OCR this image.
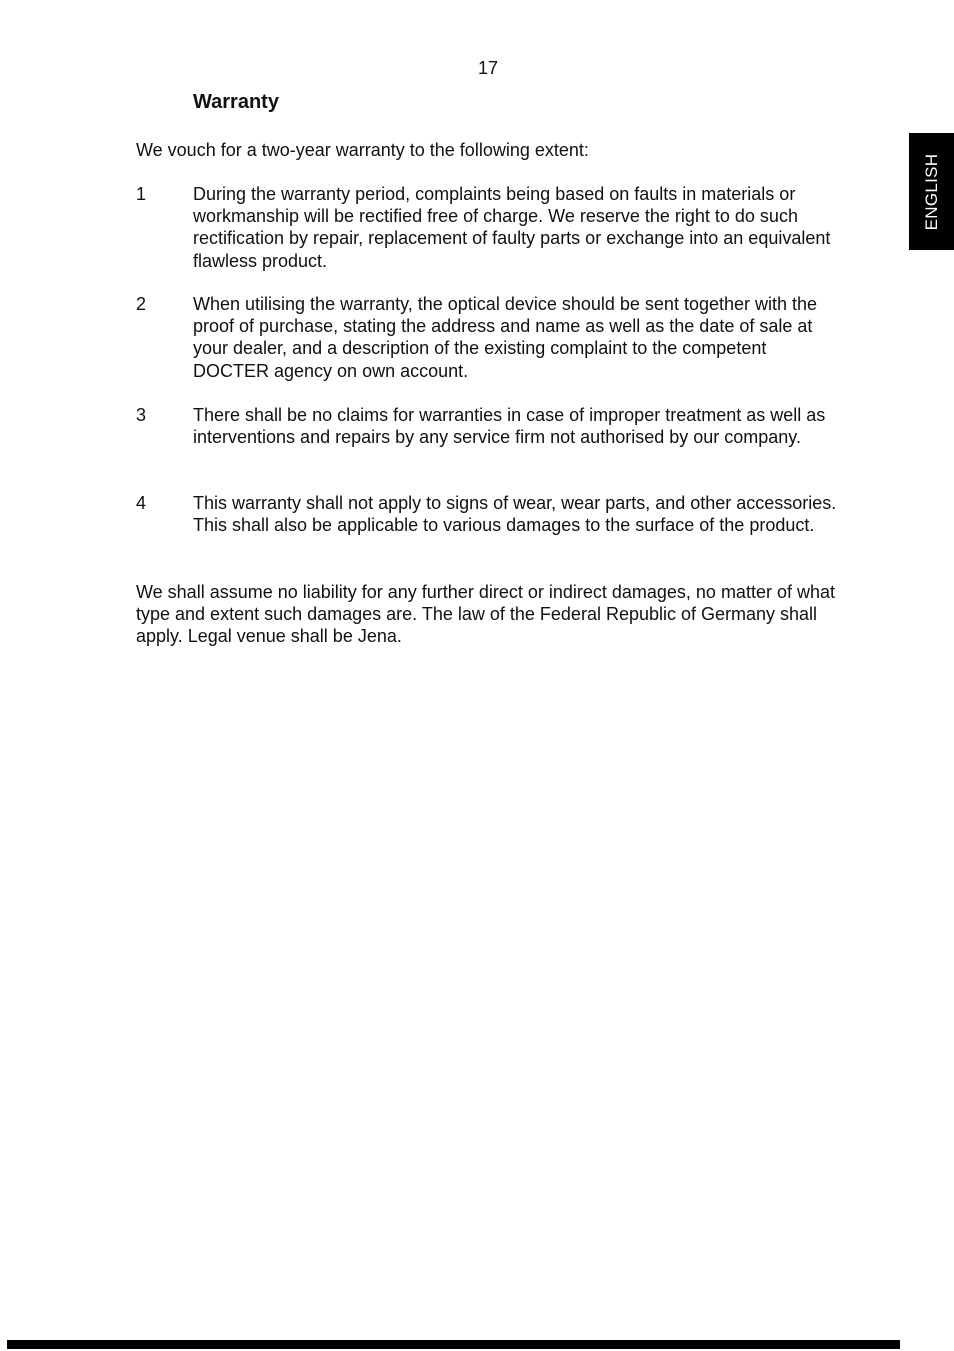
17
Warranty

We vouch for a two-year warranty to the following extent:

1	During the warranty period, complaints being based on faults in materials or workmanship will be rectified free of charge. We reserve the right to do such rectification by repair, replacement of faulty parts or exchange into an equivalent flawless product.
2	When utilising the warranty, the optical device should be sent together with the proof of purchase, stating the address and name as well as the date of sale at your dealer, and a description of the existing complaint to the competent DOCTER agency on own account.
3	There shall be no claims for warranties in case of improper treatment as well as interventions and repairs by any service firm not authorised by our company.
4	This warranty shall not apply to signs of wear, wear parts, and other accessories. This shall also be applicable to various damages to the surface of the product.

We shall assume no liability for any further direct or indirect damages, no matter of what type and extent such damages are. The law of the Federal Republic of Germany shall apply. Legal venue shall be Jena.

ENGLISH
